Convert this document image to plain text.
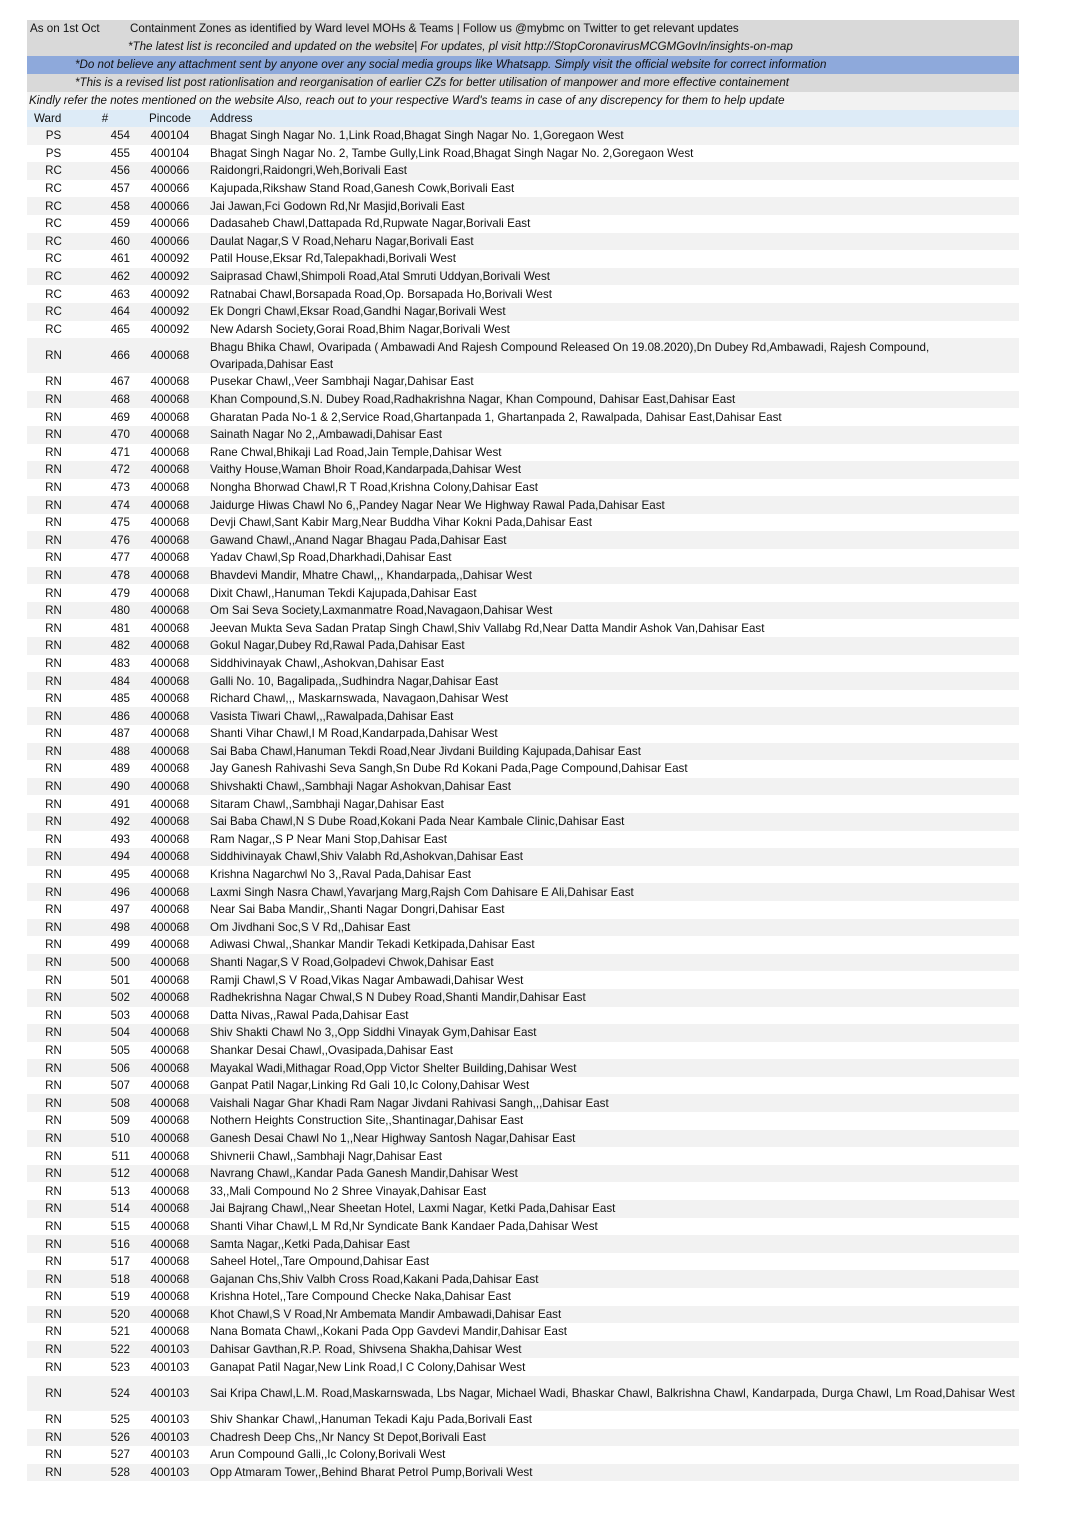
As on 1st Oct	Containment Zones as identified by Ward level MOHs & Teams | Follow us @mybmc on Twitter to get relevant updates
*The latest list is reconciled and updated on the website| For updates, pl visit http://StopCoronavirusMCGMGovIn/insights-on-map
*Do not believe any attachment sent by anyone over any social media groups like Whatsapp. Simply visit the official website for correct information
*This is a revised list post rationlisation and reorganisation of earlier CZs for better utilisation of manpower and more effective containement
Kindly refer the notes mentioned on the website Also, reach out to your respective Ward's teams in case of any discrepency for them to help update
Ward	#	Pincode	Address
PS	454	400104	Bhagat Singh Nagar No. 1,Link Road,Bhagat Singh Nagar No. 1,Goregaon West
PS	455	400104	Bhagat Singh Nagar No. 2, Tambe Gully,Link Road,Bhagat Singh Nagar No. 2,Goregaon West
RC	456	400066	Raidongri,Raidongri,Weh,Borivali East
RC	457	400066	Kajupada,Rikshaw Stand Road,Ganesh Cowk,Borivali East
RC	458	400066	Jai Jawan,Fci Godown Rd,Nr Masjid,Borivali East
RC	459	400066	Dadasaheb Chawl,Dattapada Rd,Rupwate Nagar,Borivali East
RC	460	400066	Daulat Nagar,S V Road,Neharu Nagar,Borivali East
RC	461	400092	Patil House,Eksar Rd,Talepakhadi,Borivali West
RC	462	400092	Saiprasad Chawl,Shimpoli Road,Atal Smruti Uddyan,Borivali West
RC	463	400092	Ratnabai Chawl,Borsapada Road,Op. Borsapada Ho,Borivali West
RC	464	400092	Ek Dongri Chawl,Eksar Road,Gandhi Nagar,Borivali West
RC	465	400092	New Adarsh Society,Gorai Road,Bhim Nagar,Borivali West
RN	466	400068	Bhagu Bhika Chawl, Ovaripada ( Ambawadi And Rajesh Compound Released On 19.08.2020),Dn Dubey Rd,Ambawadi, Rajesh Compound, Ovaripada,Dahisar East
RN	467	400068	Pusekar Chawl,,Veer Sambhaji Nagar,Dahisar East
RN	468	400068	Khan Compound,S.N. Dubey Road,Radhakrishna Nagar, Khan Compound, Dahisar East,Dahisar East
RN	469	400068	Gharatan Pada No-1 & 2,Service Road,Ghartanpada 1, Ghartanpada 2, Rawalpada, Dahisar East,Dahisar East
RN	470	400068	Sainath Nagar No 2,,Ambawadi,Dahisar East
RN	471	400068	Rane Chwal,Bhikaji Lad Road,Jain Temple,Dahisar West
RN	472	400068	Vaithy House,Waman Bhoir Road,Kandarpada,Dahisar West
RN	473	400068	Nongha Bhorwad Chawl,R T Road,Krishna Colony,Dahisar East
RN	474	400068	Jaidurge Hiwas Chawl No 6,,Pandey Nagar Near We Highway Rawal Pada,Dahisar East
RN	475	400068	Devji Chawl,Sant Kabir Marg,Near Buddha Vihar Kokni Pada,Dahisar East
RN	476	400068	Gawand Chawl,,Anand Nagar Bhagau Pada,Dahisar East
RN	477	400068	Yadav Chawl,Sp Road,Dharkhadi,Dahisar East
RN	478	400068	Bhavdevi Mandir, Mhatre Chawl,,, Khandarpada,,Dahisar West
RN	479	400068	Dixit Chawl,,Hanuman Tekdi Kajupada,Dahisar East
RN	480	400068	Om Sai Seva Society,Laxmanmatre Road,Navagaon,Dahisar West
RN	481	400068	Jeevan Mukta Seva Sadan Pratap Singh Chawl,Shiv Vallabg Rd,Near Datta Mandir Ashok Van,Dahisar East
RN	482	400068	Gokul Nagar,Dubey Rd,Rawal Pada,Dahisar East
RN	483	400068	Siddhivinayak Chawl,,Ashokvan,Dahisar East
RN	484	400068	Galli No. 10, Bagalipada,,Sudhindra Nagar,Dahisar East
RN	485	400068	Richard Chawl,,, Maskarnswada, Navagaon,Dahisar West
RN	486	400068	Vasista Tiwari Chawl,,,Rawalpada,Dahisar East
RN	487	400068	Shanti Vihar Chawl,I M Road,Kandarpada,Dahisar West
RN	488	400068	Sai Baba Chawl,Hanuman Tekdi Road,Near Jivdani Building Kajupada,Dahisar East
RN	489	400068	Jay Ganesh Rahivashi Seva Sangh,Sn Dube Rd Kokani Pada,Page Compound,Dahisar East
RN	490	400068	Shivshakti Chawl,,Sambhaji Nagar Ashokvan,Dahisar East
RN	491	400068	Sitaram Chawl,,Sambhaji Nagar,Dahisar East
RN	492	400068	Sai Baba Chawl,N S Dube Road,Kokani Pada Near Kambale Clinic,Dahisar East
RN	493	400068	Ram Nagar,,S P Near Mani Stop,Dahisar East
RN	494	400068	Siddhivinayak Chawl,Shiv Valabh Rd,Ashokvan,Dahisar East
RN	495	400068	Krishna Nagarchwl No 3,,Raval Pada,Dahisar East
RN	496	400068	Laxmi Singh Nasra Chawl,Yavarjang Marg,Rajsh Com Dahisare E Ali,Dahisar East
RN	497	400068	Near Sai Baba Mandir,,Shanti Nagar Dongri,Dahisar East
RN	498	400068	Om Jivdhani Soc,S V Rd,,Dahisar East
RN	499	400068	Adiwasi Chwal,,Shankar Mandir Tekadi Ketkipada,Dahisar East
RN	500	400068	Shanti Nagar,S V Road,Golpadevi Chwok,Dahisar East
RN	501	400068	Ramji Chawl,S V Road,Vikas Nagar Ambawadi,Dahisar West
RN	502	400068	Radhekrishna Nagar Chwal,S N Dubey Road,Shanti Mandir,Dahisar East
RN	503	400068	Datta Nivas,,Rawal Pada,Dahisar East
RN	504	400068	Shiv Shakti Chawl No 3,,Opp Siddhi Vinayak Gym,Dahisar East
RN	505	400068	Shankar Desai Chawl,,Ovasipada,Dahisar East
RN	506	400068	Mayakal Wadi,Mithagar Road,Opp Victor Shelter Building,Dahisar West
RN	507	400068	Ganpat Patil Nagar,Linking Rd Gali 10,Ic Colony,Dahisar West
RN	508	400068	Vaishali Nagar Ghar Khadi Ram Nagar Jivdani Rahivasi Sangh,,,Dahisar East
RN	509	400068	Nothern Heights Construction Site,,Shantinagar,Dahisar East
RN	510	400068	Ganesh Desai Chawl No 1,,Near Highway Santosh Nagar,Dahisar East
RN	511	400068	Shivnerii Chawl,,Sambhaji Nagr,Dahisar East
RN	512	400068	Navrang Chawl,,Kandar Pada Ganesh Mandir,Dahisar West
RN	513	400068	33,,Mali Compound No 2 Shree Vinayak,Dahisar East
RN	514	400068	Jai Bajrang Chawl,,Near Sheetan Hotel, Laxmi Nagar, Ketki Pada,Dahisar East
RN	515	400068	Shanti Vihar Chawl,L M Rd,Nr Syndicate Bank Kandaer Pada,Dahisar West
RN	516	400068	Samta Nagar,,Ketki Pada,Dahisar East
RN	517	400068	Saheel Hotel,,Tare Ompound,Dahisar East
RN	518	400068	Gajanan Chs,Shiv Valbh Cross Road,Kakani Pada,Dahisar East
RN	519	400068	Krishna Hotel,,Tare Compound Checke Naka,Dahisar East
RN	520	400068	Khot Chawl,S V Road,Nr Ambemata Mandir Ambawadi,Dahisar East
RN	521	400068	Nana Bomata Chawl,,Kokani Pada Opp Gavdevi Mandir,Dahisar East
RN	522	400103	Dahisar Gavthan,R.P. Road, Shivsena Shakha,Dahisar West
RN	523	400103	Ganapat Patil Nagar,New Link Road,I C Colony,Dahisar West
RN	524	400103	Sai Kripa Chawl,L.M. Road,Maskarnswada, Lbs Nagar, Michael Wadi, Bhaskar Chawl, Balkrishna Chawl, Kandarpada, Durga Chawl, Lm Road,Dahisar West
RN	525	400103	Shiv Shankar Chawl,,Hanuman Tekadi Kaju Pada,Borivali East
RN	526	400103	Chadresh Deep Chs,,Nr Nancy St Depot,Borivali East
RN	527	400103	Arun Compound Galli,,Ic Colony,Borivali West
RN	528	400103	Opp Atmaram Tower,,Behind Bharat Petrol Pump,Borivali West
